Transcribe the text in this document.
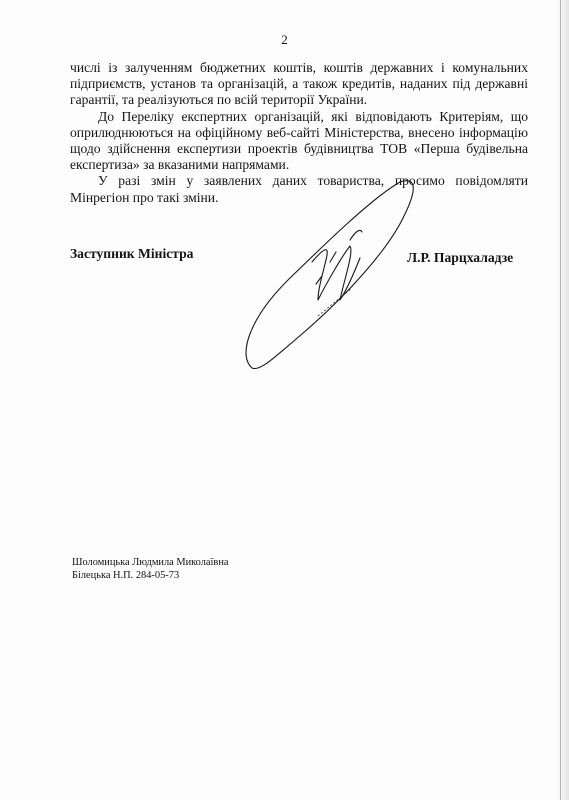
2

числі із залученням бюджетних коштів, коштів державних і комунальних підприємств, установ та організацій, а також кредитів, наданих під державні гарантії, та реалізуються по всій території України.

До Переліку експертних організацій, які відповідають Критеріям, що оприлюднюються на офіційному веб-сайті Міністерства, внесено інформацію щодо здійснення експертизи проектів будівництва ТОВ «Перша будівельна експертиза» за вказаними напрямами.

У разі змін у заявлених даних товариства, просимо повідомляти Мінрегіон про такі зміни.

Заступник Міністра	Л.Р. Парцхаладзе
Шоломицька Людмила Миколаївна
Білецька Н.П. 284-05-73
